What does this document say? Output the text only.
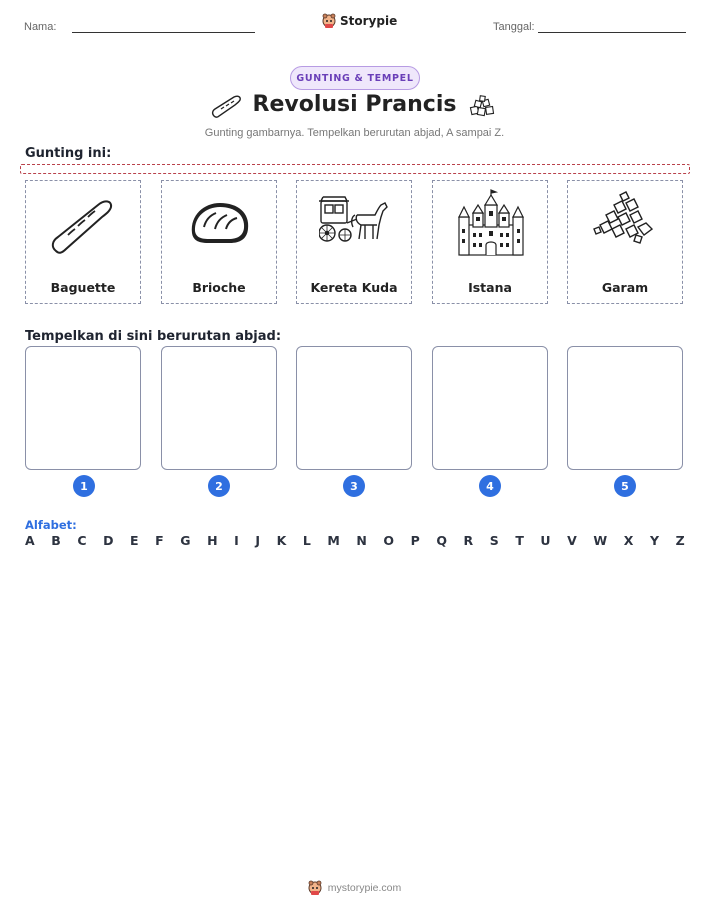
Nama:	Storypie	Tanggal:
GUNTING & TEMPEL
Revolusi Prancis
Gunting gambarnya. Tempelkan berurutan abjad, A sampai Z.
Gunting ini:
Baguette	Brioche	Kereta Kuda	Istana	Garam
Tempelkan di sini berurutan abjad:
1	2	3	4	5
Alfabet:
A B C D E F G H I J K L M N O P Q R S T U V W X Y Z
mystorypie.com
